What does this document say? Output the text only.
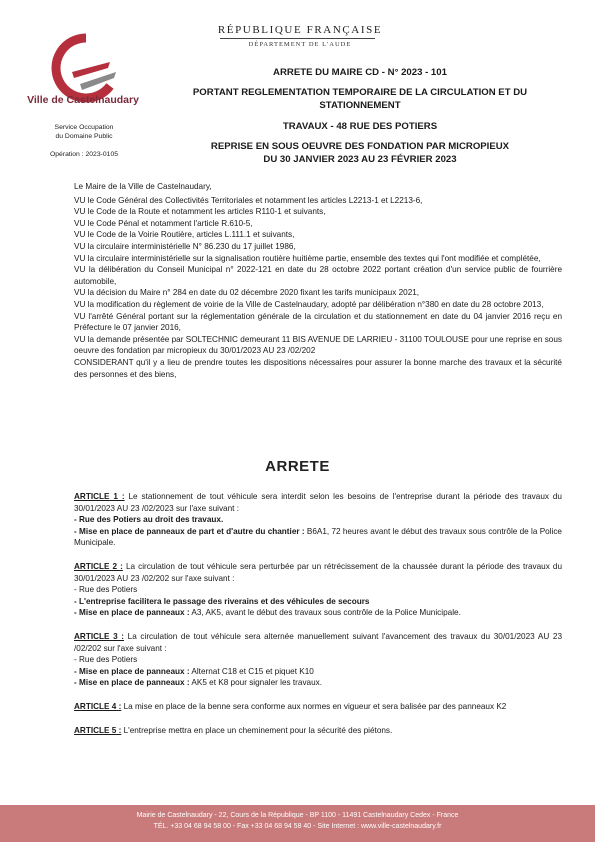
Ville de Castelnaudary
RÉPUBLIQUE FRANÇAISE
DÉPARTEMENT DE L'AUDE
Service Occupation
du Domaine Public
Opération : 2023-0105
ARRETE DU MAIRE CD - N° 2023 - 101
PORTANT REGLEMENTATION TEMPORAIRE DE LA CIRCULATION ET DU
STATIONNEMENT
TRAVAUX - 48 RUE DES POTIERS
REPRISE EN SOUS OEUVRE DES FONDATION PAR MICROPIEUX
DU 30 JANVIER 2023 AU 23 FÉVRIER 2023

Le Maire de la Ville de Castelnaudary,

VU le Code Général des Collectivités Territoriales et notamment les articles L2213-1 et L2213-6,

VU le Code de la Route et notamment les articles R110-1 et suivants,

VU le Code Pénal et notamment l'article R.610-5,

VU le Code de la Voirie Routière, articles L.111.1 et suivants,

VU la circulaire interministérielle N° 86.230 du 17 juillet 1986,

VU la circulaire interministérielle sur la signalisation routière huitième partie, ensemble des textes qui l'ont modifiée et complétée,

VU la délibération du Conseil Municipal n° 2022-121 en date du 28 octobre 2022 portant création d'un service public de fourrière automobile,

VU la décision du Maire n° 284 en date du 02 décembre 2020 fixant les tarifs municipaux 2021,

VU la modification du règlement de voirie de la Ville de Castelnaudary, adopté par délibération n°380 en date du 28 octobre 2013,

VU l'arrêté Général portant sur la réglementation générale de la circulation et du stationnement en date du 04 janvier 2016 reçu en Préfecture le 07 janvier 2016,

VU la demande présentée par SOLTECHNIC demeurant 11 BIS AVENUE DE LARRIEU - 31100 TOULOUSE pour une reprise en sous oeuvre des fondation par micropieux du 30/01/2023 AU 23 /02/202

CONSIDERANT qu'il y a lieu de prendre toutes les dispositions nécessaires pour assurer la bonne marche des travaux et la sécurité des personnes et des biens,

ARRETE

ARTICLE 1 : Le stationnement de tout véhicule sera interdit selon les besoins de l'entreprise durant la période des travaux du 30/01/2023 AU 23 /02/2023 sur l'axe suivant :

- Rue des Potiers au droit des travaux.

- Mise en place de panneaux de part et d'autre du chantier : B6A1, 72 heures avant le début des travaux sous contrôle de la Police Municipale.

ARTICLE 2 : La circulation de tout véhicule sera perturbée par un rétrécissement de la chaussée durant la période des travaux du 30/01/2023 AU 23 /02/202 sur l'axe suivant :

- Rue des Potiers

- L'entreprise facilitera le passage des riverains et des véhicules de secours

- Mise en place de panneaux : A3, AK5, avant le début des travaux sous contrôle de la Police Municipale.

ARTICLE 3 : La circulation de tout véhicule sera alternée manuellement suivant l'avancement des travaux du 30/01/2023 AU 23 /02/202 sur l'axe suivant :

- Rue des Potiers

- Mise en place de panneaux : Alternat C18 et C15 et piquet K10

- Mise en place de panneaux : AK5 et K8 pour signaler les travaux.

ARTICLE 4 : La mise en place de la benne sera conforme aux normes en vigueur et sera balisée par des panneaux K2

ARTICLE 5 : L'entreprise mettra en place un cheminement pour la sécurité des piétons.

Mairie de Castelnaudary - 22, Cours de la République - BP 1100 - 11491 Castelnaudary Cedex - France
TÉL. +33 04 68 94 58 00 - Fax +33 04 68 94 58 40 - Site Internet : www.ville-castelnaudary.fr
